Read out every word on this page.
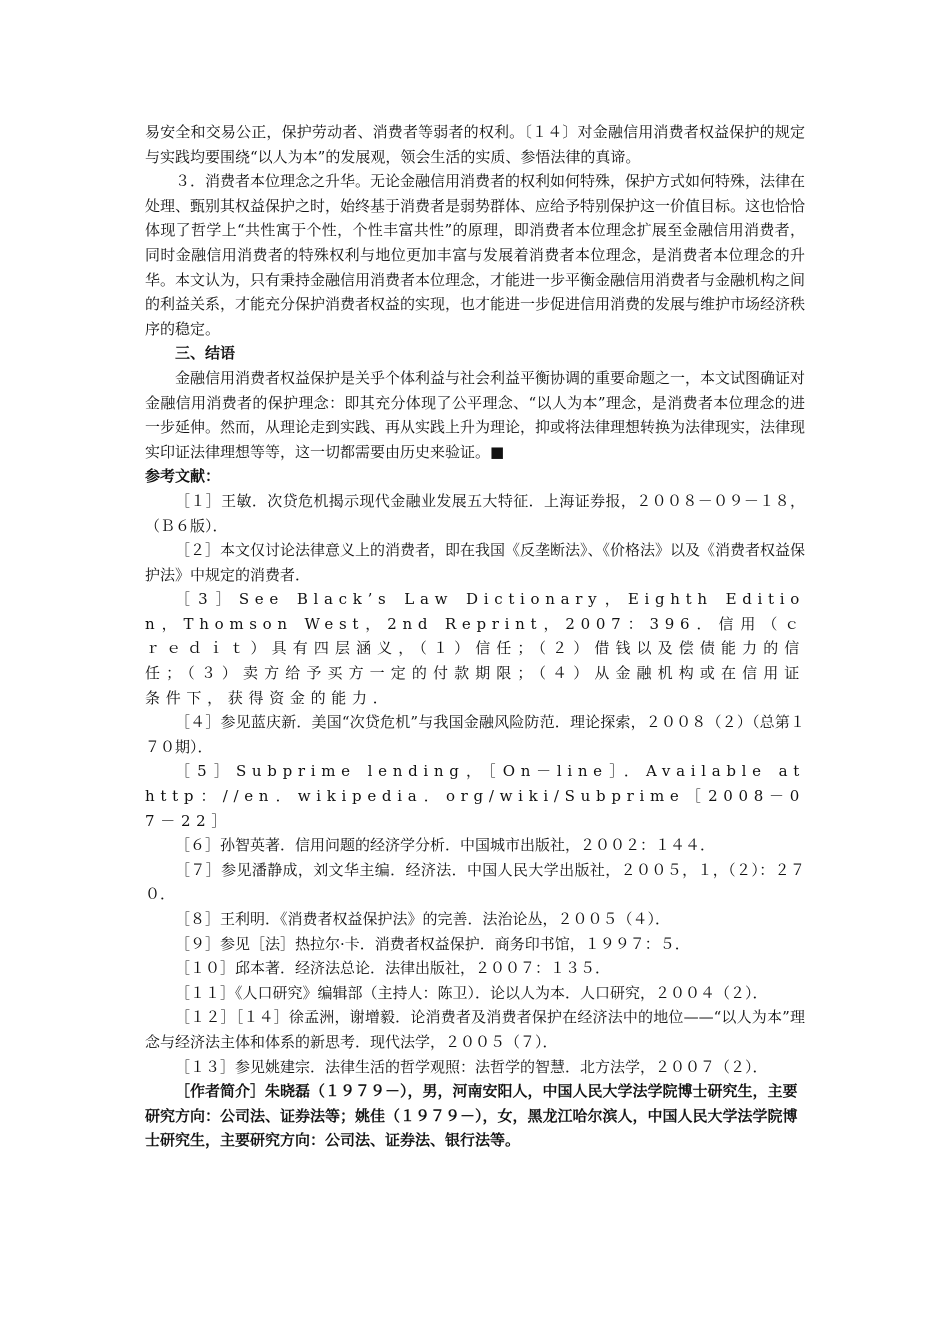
易安全和交易公正，保护劳动者、消费者等弱者的权利。〔１４〕对金融信用消费者权益保护的规定与实践均要围绕“以人为本”的发展观，领会生活的实质、参悟法律的真谛。

３．消费者本位理念之升华。无论金融信用消费者的权利如何特殊，保护方式如何特殊，法律在处理、甄别其权益保护之时，始终基于消费者是弱势群体、应给予特别保护这一价值目标。这也恰恰体现了哲学上“共性寓于个性，个性丰富共性”的原理，即消费者本位理念扩展至金融信用消费者，同时金融信用消费者的特殊权利与地位更加丰富与发展着消费者本位理念，是消费者本位理念的升华。本文认为，只有秉持金融信用消费者本位理念，才能进一步平衡金融信用消费者与金融机构之间的利益关系，才能充分保护消费者权益的实现，也才能进一步促进信用消费的发展与维护市场经济秩序的稳定。

三、结语

金融信用消费者权益保护是关乎个体利益与社会利益平衡协调的重要命题之一，本文试图确证对金融信用消费者的保护理念：即其充分体现了公平理念、“以人为本”理念，是消费者本位理念的进一步延伸。然而，从理论走到实践、再从实践上升为理论，抑或将法律理想转换为法律现实，法律现实印证法律理想等等，这一切都需要由历史来验证。■

参考文献：

［１］王敏．次贷危机揭示现代金融业发展五大特征．上海证券报，２００８－０９－１８，（Ｂ６版）．

［２］本文仅讨论法律意义上的消费者，即在我国《反垄断法》、《价格法》以及《消费者权益保护法》中规定的消费者．

［3］See Black’s Law Dictionary，Eighth Edition，Thomson West，2nd Reprint，2007：396．信用（ｃｒｅｄｉｔ）具有四层涵义，（１）信任；（２）借钱以及偿债能力的信任；（３）卖方给予买方一定的付款期限；（４）从金融机构或在信用证条件下，获得资金的能力．

［４］参见蓝庆新．美国“次贷危机”与我国金融风险防范．理论探索，２００８（２）（总第１７０期）．

［5］Subprime lending，［On－line］．Available at http：//en．wikipedia．org/wiki/Subprime［2008－07－22］

［６］孙智英著．信用问题的经济学分析．中国城市出版社，２００２：１４４．

［７］参见潘静成，刘文华主编．经济法．中国人民大学出版社，２００５，１，（２）：２７０．

［８］王利明．《消费者权益保护法》的完善．法治论丛，２００５（４）．

［９］参见［法］热拉尔·卡．消费者权益保护．商务印书馆，１９９７：５．

［１０］邱本著．经济法总论．法律出版社，２００７：１３５．

［１１］《人口研究》编辑部（主持人：陈卫）．论以人为本．人口研究，２００４（２）．

［１２］［１４］徐孟洲，谢增毅．论消费者及消费者保护在经济法中的地位——“以人为本”理念与经济法主体和体系的新思考．现代法学，２００５（７）．

［１３］参见姚建宗．法律生活的哲学观照：法哲学的智慧．北方法学，２００７（２）．

［作者简介］朱晓磊（１９７９－），男，河南安阳人，中国人民大学法学院博士研究生，主要研究方向：公司法、证券法等；姚佳（１９７９－），女，黑龙江哈尔滨人，中国人民大学法学院博士研究生，主要研究方向：公司法、证券法、银行法等。
